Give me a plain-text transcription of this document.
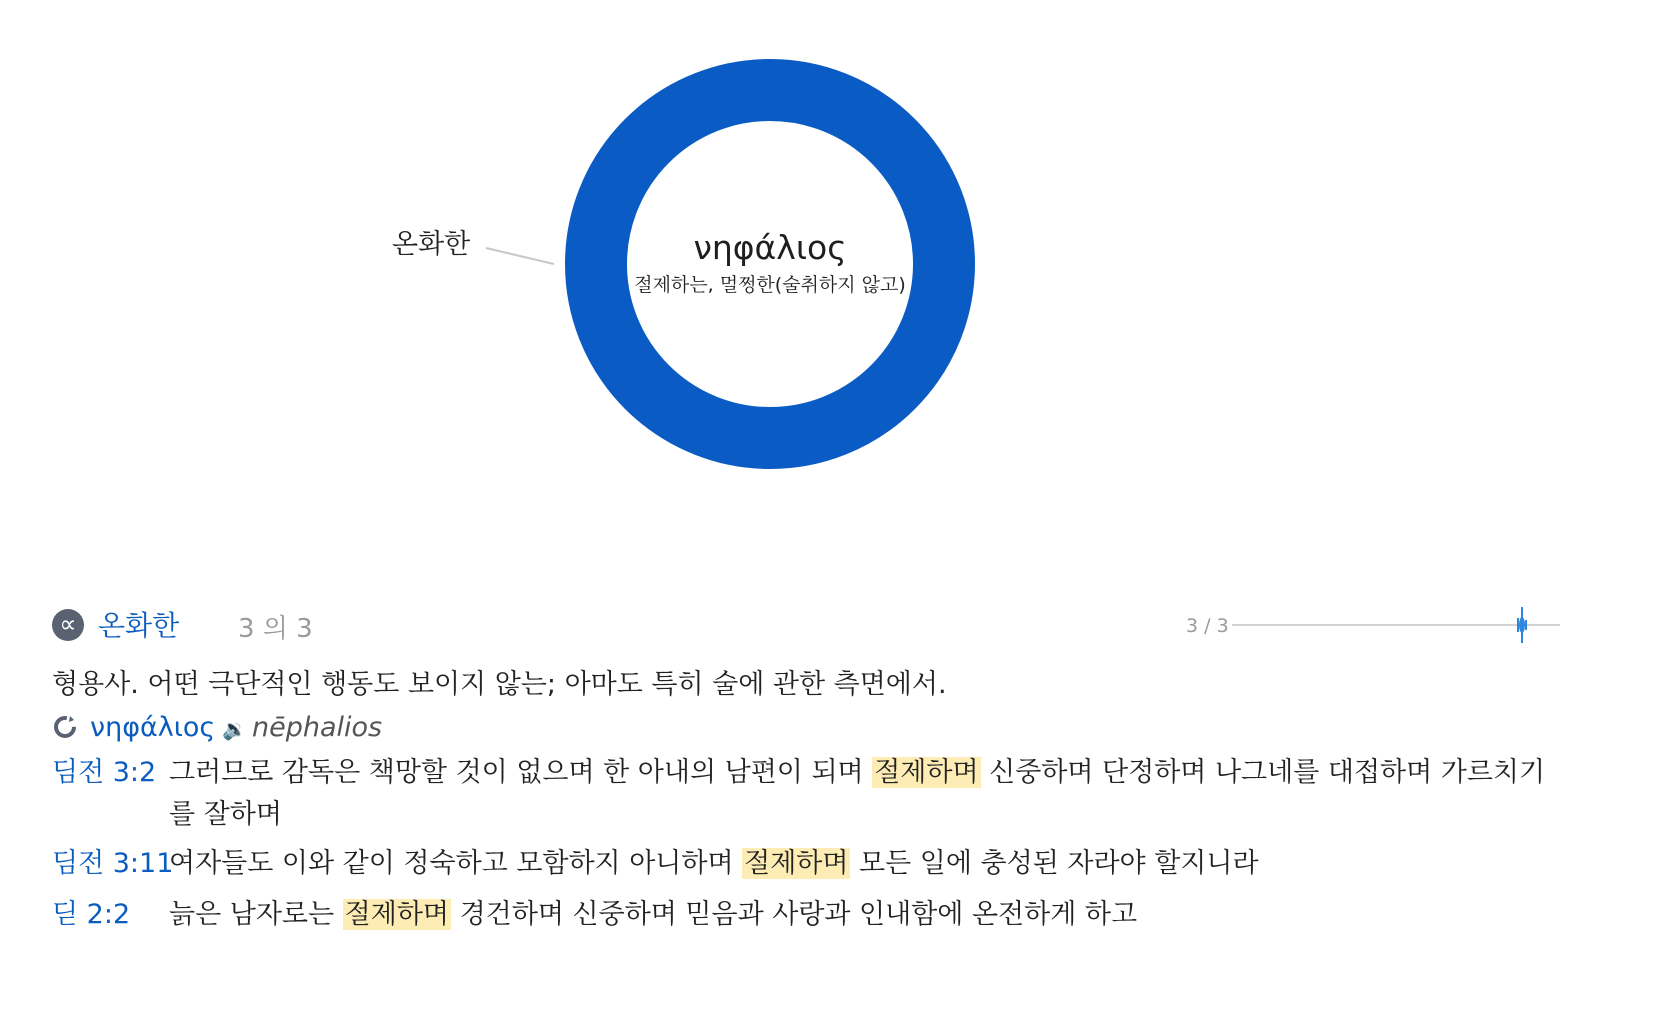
온화한	νηφάλιος
절제하는, 멀쩡한(술취하지 않고)
∝ 온화한 3 의 3	3 / 3
형용사. 어떤 극단적인 행동도 보이지 않는; 아마도 특히 술에 관한 측면에서.
νηφάλιος 🔉 nēphalios
딤전 3:2 그러므로 감독은 책망할 것이 없으며 한 아내의 남편이 되며 절제하며 신중하며 단정하며 나그네를 대접하며 가르치기를 잘하며
딤전 3:11
여자들도 이와 같이 정숙하고 모함하지 아니하며 절제하며 모든 일에 충성된 자라야 할지니라
딛 2:2 늙은 남자로는 절제하며 경건하며 신중하며 믿음과 사랑과 인내함에 온전하게 하고
